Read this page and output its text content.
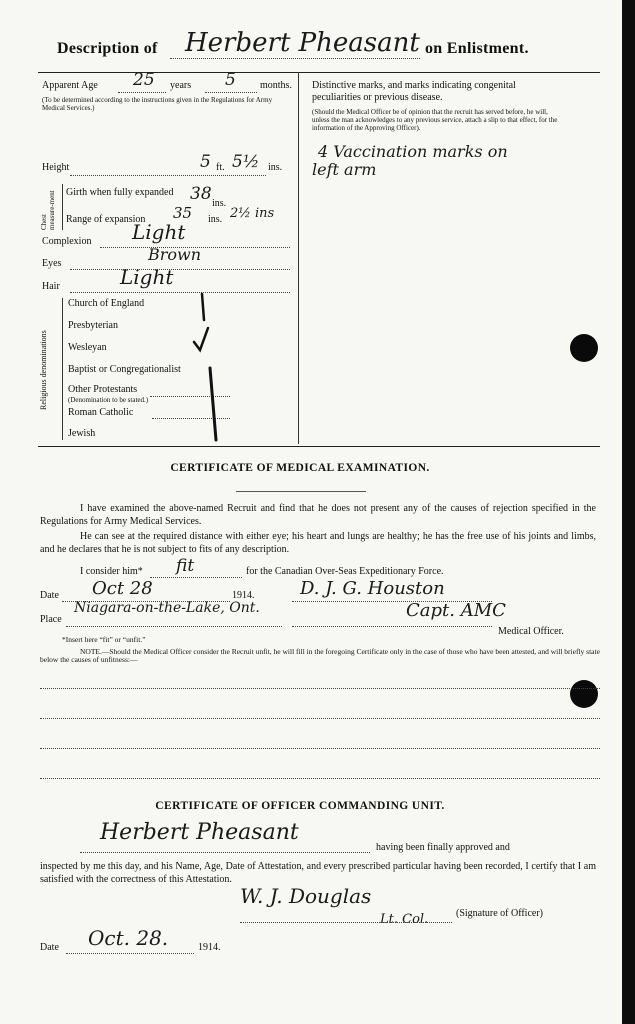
Description of Herbert Pheasant on Enlistment.
Apparent Age 25 years 5 months.
(To be determined according to the instructions given in the Regulations for Army Medical Services.)
Height	5 ft. 5½ ins.
Chest measure-ment Girth when fully expanded 38 ins.
Range of expansion 35 ins. 2½ ins
Complexion Light
Eyes	Brown
Hair	Light
Religious denominations
Church of England
Presbyterian
Wesleyan
Baptist or Congregationalist
Other Protestants
(Denomination to be stated.)
Roman Catholic
Jewish
Distinctive marks, and marks indicating congenital peculiarities or previous disease.
(Should the Medical Officer be of opinion that the recruit has served before, he will, unless the man acknowledges to any previous service, attach a slip to that effect, for the information of the Approving Officer).
4 Vaccination marks on
left arm
CERTIFICATE OF MEDICAL EXAMINATION.
I have examined the above-named Recruit and find that he does not present any of the causes of rejection specified in the Regulations for Army Medical Services.
He can see at the required distance with either eye; his heart and lungs are healthy; he has the free use of his joints and limbs, and he declares that he is not subject to fits of any description.
I consider him* fit	for the Canadian Over-Seas Expeditionary Force.
Date Oct 28	1914.	D. J. G. Houston
Place
Niagara-on-the-Lake, Ont.	Capt. AMC
Medical Officer.
*Insert here “fit” or “unfit.”
NOTE.—Should the Medical Officer consider the Recruit unfit, he will fill in the foregoing Certificate only in the case of those who have been attested, and will briefly state below the causes of unfitness:—
CERTIFICATE OF OFFICER COMMANDING UNIT.
Herbert Pheasant
having been finally approved and
inspected by me this day, and his Name, Age, Date of Attestation, and every prescribed particular having been recorded, I certify that I am satisfied with the correctness of this Attestation.
W. J. Douglas
Lt. Col.	(Signature of Officer)
Date Oct. 28.	1914.
